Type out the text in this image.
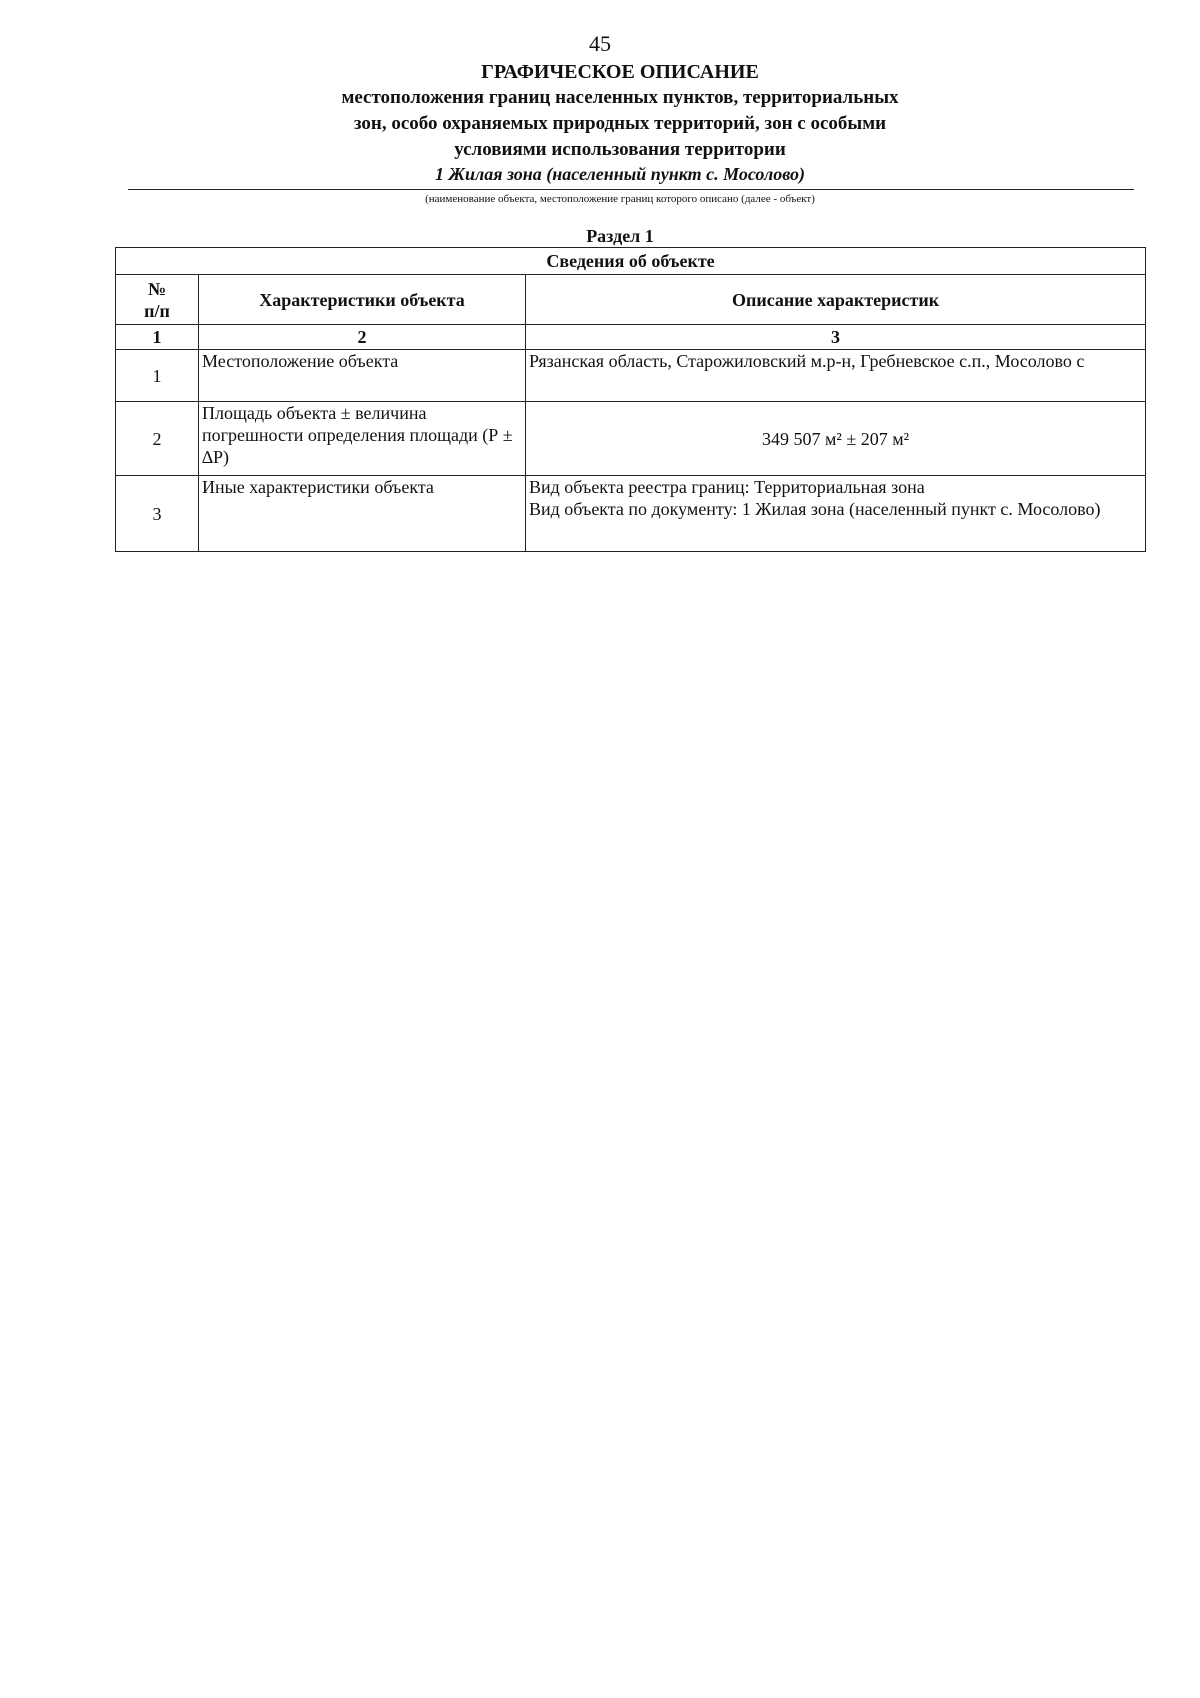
45
ГРАФИЧЕСКОЕ ОПИСАНИЕ
местоположения границ населенных пунктов, территориальных
зон, особо охраняемых природных территорий, зон с особыми
условиями использования территории
1 Жилая зона (населенный пункт с. Мосолово)
(наименование объекта, местоположение границ которого описано (далее - объект)
Раздел 1
Сведения об объекте		
№
п/п	Характеристики объекта	Описание характеристик
1	2	3
1	Местоположение объекта	Рязанская область, Старожиловский м.р-н, Гребневское с.п., Мосолово с

2	Площадь объекта ± величина погрешности определения площади (Р ± ∆Р)	349 507 м² ± 207 м²

3	Иные характеристики объекта	Вид объекта реестра границ: Территориальная зона
Вид объекта по документу: 1 Жилая зона (населенный пункт с. Мосолово)
